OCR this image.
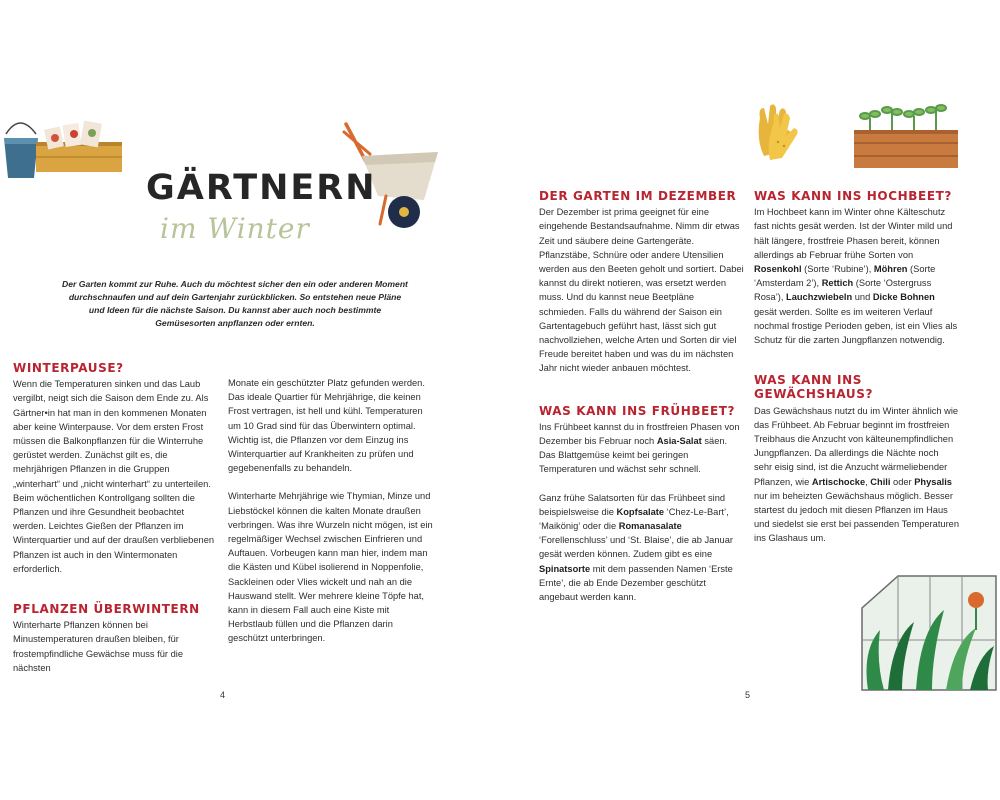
GÄRTNERN
im Winter
Der Garten kommt zur Ruhe. Auch du möchtest sicher den ein oder anderen Moment durchschnaufen und auf dein Gartenjahr zurückblicken. So entstehen neue Pläne und Ideen für die nächste Saison. Du kannst aber auch noch bestimmte Gemüsesorten anpflanzen oder ernten.
WINTERPAUSE?

Wenn die Temperaturen sinken und das Laub vergilbt, neigt sich die Saison dem Ende zu. Als Gärtner•in hat man in den kommenen Monaten aber keine Winterpause. Vor dem ersten Frost müssen die Balkonpflanzen für die Winterruhe gerüstet werden. Zunächst gilt es, die mehrjährigen Pflanzen in die Gruppen „winterhart“ und „nicht winterhart“ zu unterteilen. Beim wöchentlichen Kontrollgang sollten die Pflanzen und ihre Gesundheit beobachtet werden. Leichtes Gießen der Pflanzen im Winterquartier und auf der draußen verbliebenen Pflanzen ist auch in den Wintermonaten erforderlich.

PFLANZEN ÜBERWINTERN

Winterharte Pflanzen können bei Minustemperaturen draußen bleiben, für frostempfindliche Gewächse muss für die nächsten

Monate ein geschützter Platz gefunden werden. Das ideale Quartier für Mehrjährige, die keinen Frost vertragen, ist hell und kühl. Temperaturen um 10 Grad sind für das Überwintern optimal. Wichtig ist, die Pflanzen vor dem Einzug ins Winterquartier auf Krankheiten zu prüfen und gegebenenfalls zu behandeln.

Winterharte Mehrjährige wie Thymian, Minze und Liebstöckel können die kalten Monate draußen verbringen. Was ihre Wurzeln nicht mögen, ist ein regelmäßiger Wechsel zwischen Einfrieren und Auftauen. Vorbeugen kann man hier, indem man die Kästen und Kübel isolierend in Noppenfolie, Sackleinen oder Vlies wickelt und nah an die Hauswand stellt. Wer mehrere kleine Töpfe hat, kann in diesem Fall auch eine Kiste mit Herbstlaub füllen und die Pflanzen darin geschützt unterbringen.

DER GARTEN IM DEZEMBER

Der Dezember ist prima geeignet für eine eingehende Bestandsaufnahme. Nimm dir etwas Zeit und säubere deine Gartengeräte. Pflanzstäbe, Schnüre oder andere Utensilien werden aus den Beeten geholt und sortiert. Dabei kannst du direkt notieren, was ersetzt werden muss. Und du kannst neue Beetpläne schmieden. Falls du während der Saison ein Gartentagebuch geführt hast, lässt sich gut nachvollziehen, welche Arten und Sorten dir viel Freude bereitet haben und was du im nächsten Jahr nicht wieder anbauen möchtest.

WAS KANN INS FRÜHBEET?

Ins Frühbeet kannst du in frostfreien Phasen von Dezember bis Februar noch Asia-Salat säen. Das Blattgemüse keimt bei geringen Temperaturen und wächst sehr schnell.

Ganz frühe Salatsorten für das Frühbeet sind beispielsweise die Kopfsalate ‘Chez-Le-Bart’, ‘Maikönig’ oder die Romanasalate ‘Forellenschluss’ und ‘St. Blaise’, die ab Januar gesät werden können. Zudem gibt es eine Spinatsorte mit dem passenden Namen ‘Erste Ernte’, die ab Ende Dezember geschützt angebaut werden kann.

WAS KANN INS HOCHBEET?

Im Hochbeet kann im Winter ohne Kälteschutz fast nichts gesät werden. Ist der Winter mild und hält längere, frostfreie Phasen bereit, können allerdings ab Februar frühe Sorten von Rosenkohl (Sorte ‘Rubine’), Möhren (Sorte ‘Amsterdam 2’), Rettich (Sorte ‘Ostergruss Rosa’), Lauchzwiebeln und Dicke Bohnen gesät werden. Sollte es im weiteren Verlauf nochmal frostige Perioden geben, ist ein Vlies als Schutz für die zarten Jungpflanzen notwendig.

WAS KANN INS GEWÄCHSHAUS?

Das Gewächshaus nutzt du im Winter ähnlich wie das Frühbeet. Ab Februar beginnt im frostfreien Treibhaus die Anzucht von kälteunempfindlichen Jungpflanzen. Da allerdings die Nächte noch sehr eisig sind, ist die Anzucht wärmeliebender Pflanzen, wie Artischocke, Chili oder Physalis nur im beheizten Gewächshaus möglich. Besser startest du jedoch mit diesen Pflanzen im Haus und siedelst sie erst bei passenden Temperaturen ins Glashaus um.

4	5
